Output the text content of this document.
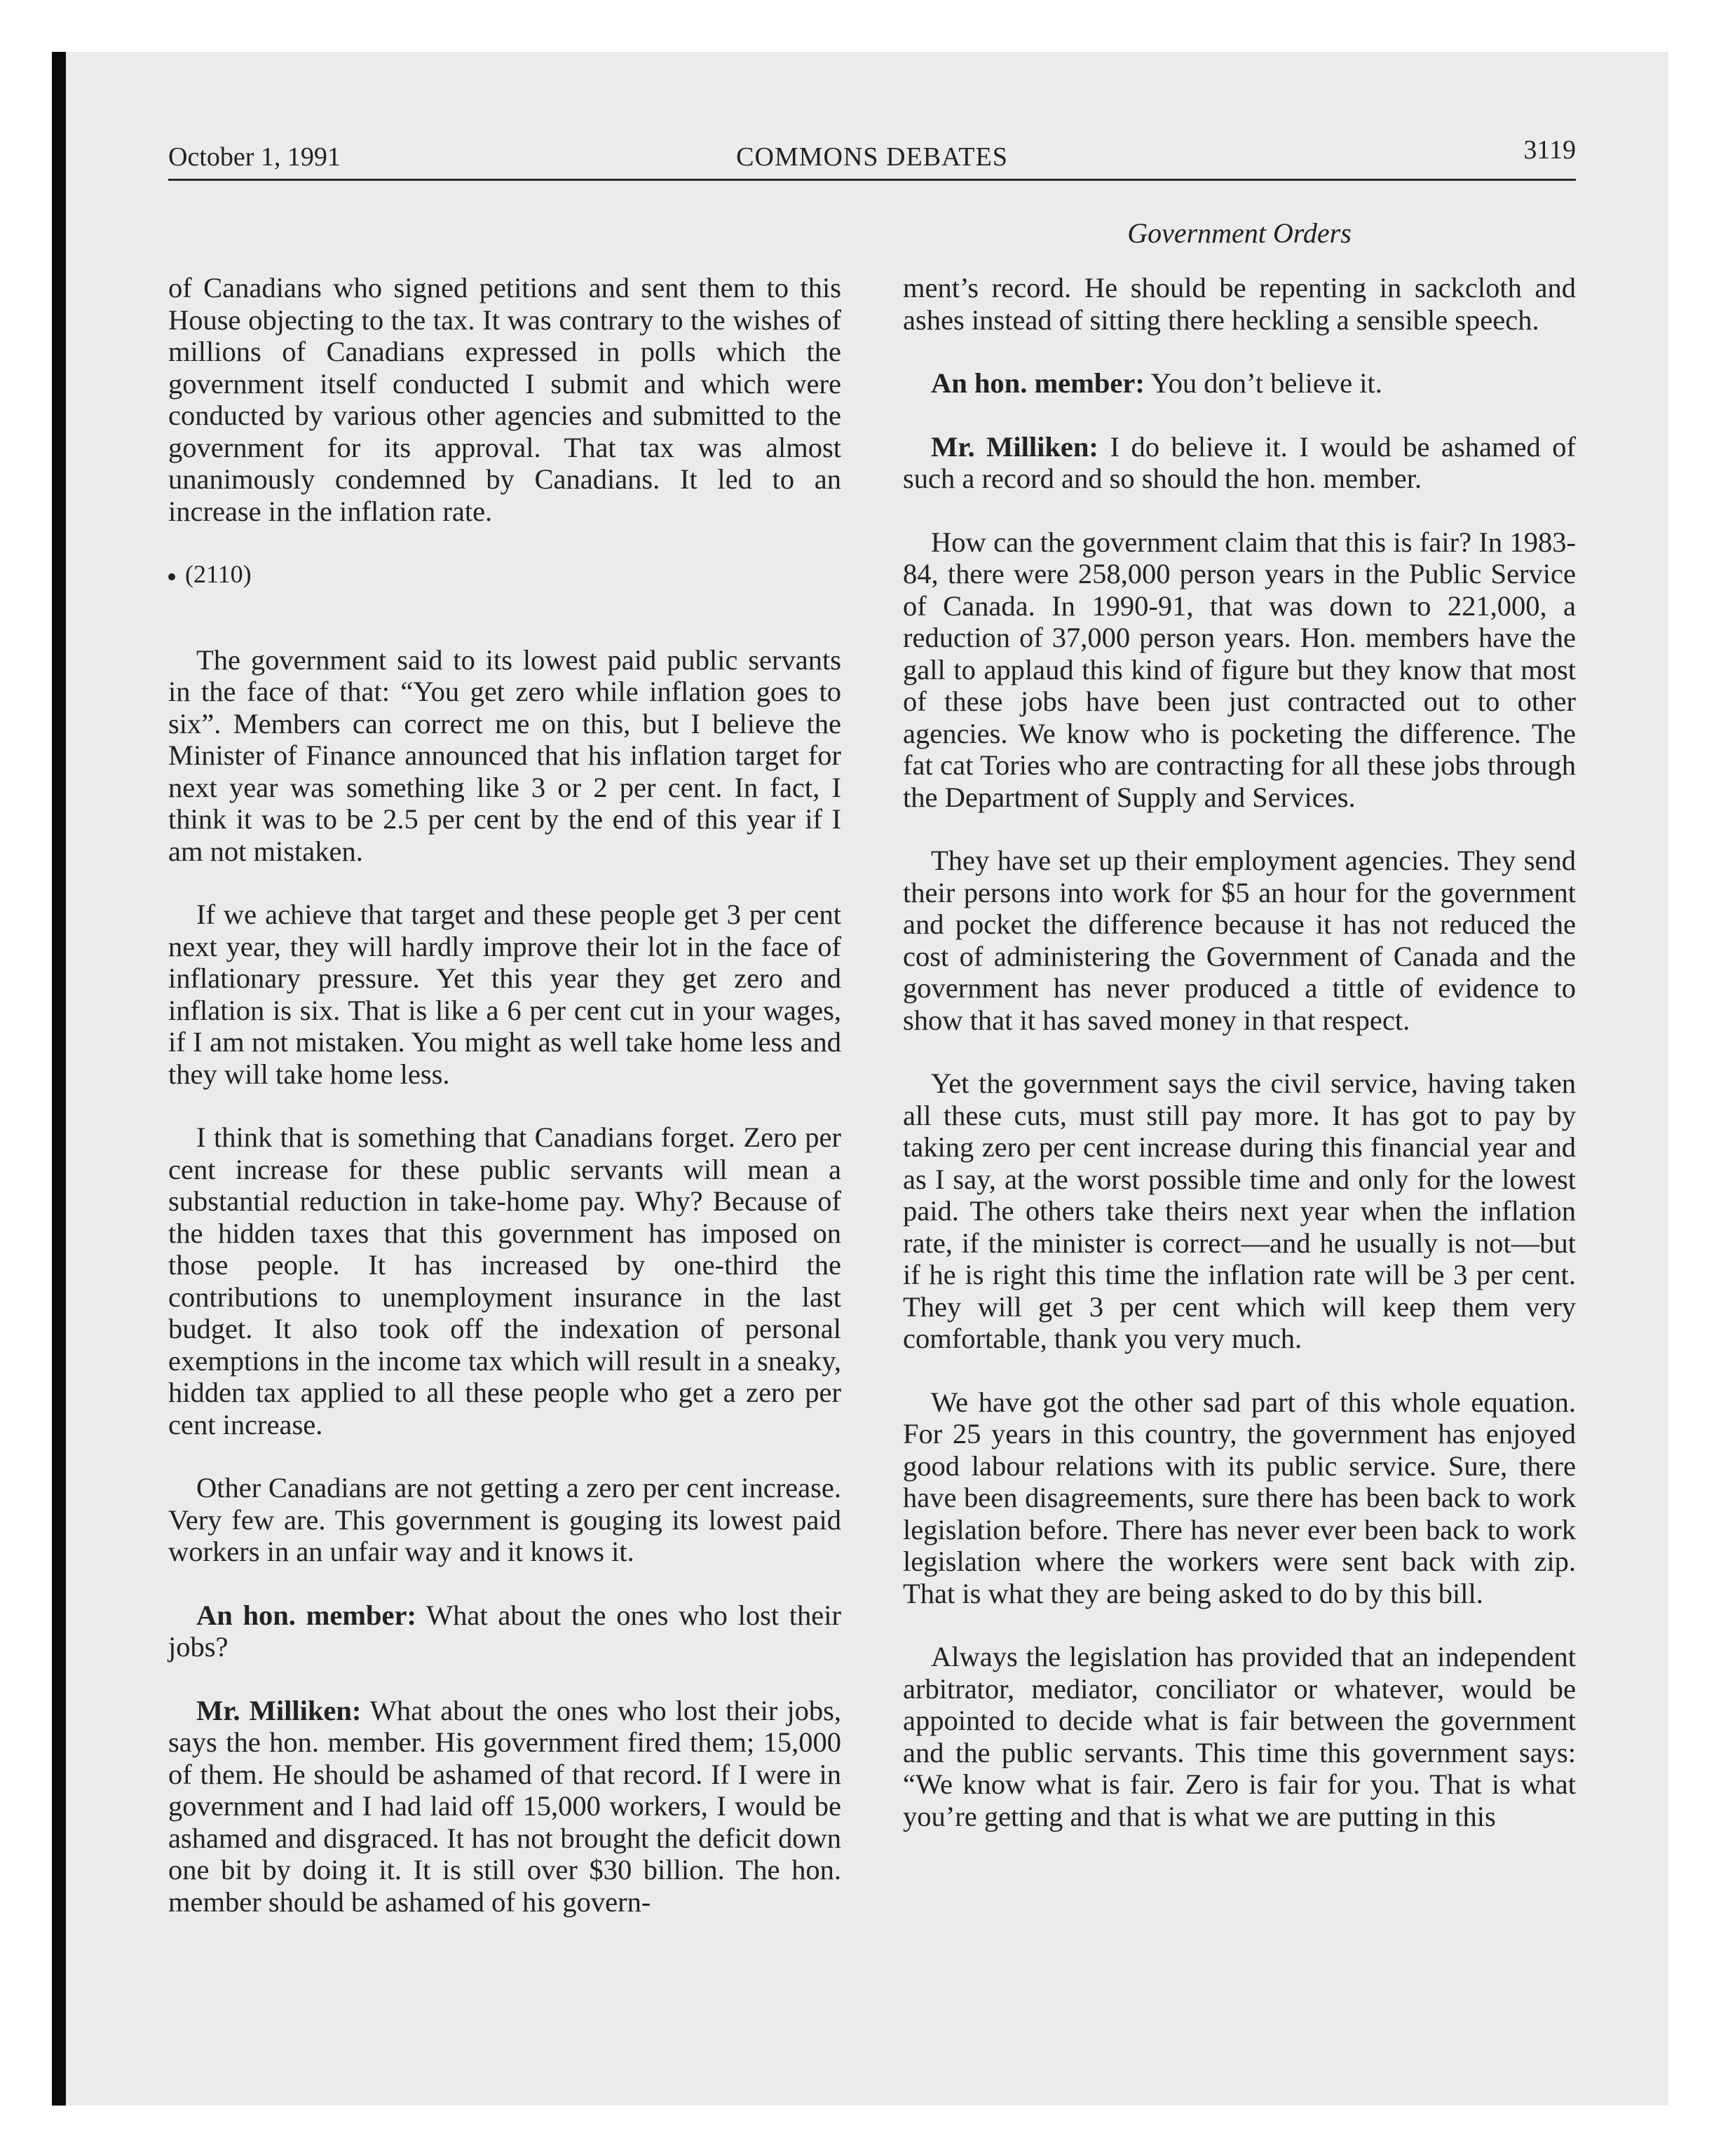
October 1, 1991	COMMONS DEBATES	3119
Government Orders

of Canadians who signed petitions and sent them to this House objecting to the tax. It was contrary to the wishes of millions of Canadians expressed in polls which the government itself conducted I submit and which were conducted by various other agencies and submitted to the government for its approval. That tax was almost unanimously condemned by Canadians. It led to an increase in the inflation rate.

(2110)

The government said to its lowest paid public servants in the face of that: “You get zero while inflation goes to six”. Members can correct me on this, but I believe the Minister of Finance announced that his inflation target for next year was something like 3 or 2 per cent. In fact, I think it was to be 2.5 per cent by the end of this year if I am not mistaken.

If we achieve that target and these people get 3 per cent next year, they will hardly improve their lot in the face of inflationary pressure. Yet this year they get zero and inflation is six. That is like a 6 per cent cut in your wages, if I am not mistaken. You might as well take home less and they will take home less.

I think that is something that Canadians forget. Zero per cent increase for these public servants will mean a substantial reduction in take-home pay. Why? Because of the hidden taxes that this government has imposed on those people. It has increased by one-third the contributions to unemployment insurance in the last budget. It also took off the indexation of personal exemptions in the income tax which will result in a sneaky, hidden tax applied to all these people who get a zero per cent increase.

Other Canadians are not getting a zero per cent increase. Very few are. This government is gouging its lowest paid workers in an unfair way and it knows it.

An hon. member: What about the ones who lost their jobs?

Mr. Milliken: What about the ones who lost their jobs, says the hon. member. His government fired them; 15,000 of them. He should be ashamed of that record. If I were in government and I had laid off 15,000 workers, I would be ashamed and disgraced. It has not brought the deficit down one bit by doing it. It is still over $30 billion. The hon. member should be ashamed of his govern-

ment’s record. He should be repenting in sackcloth and ashes instead of sitting there heckling a sensible speech.

An hon. member: You don’t believe it.

Mr. Milliken: I do believe it. I would be ashamed of such a record and so should the hon. member.

How can the government claim that this is fair? In 1983-84, there were 258,000 person years in the Public Service of Canada. In 1990-91, that was down to 221,000, a reduction of 37,000 person years. Hon. members have the gall to applaud this kind of figure but they know that most of these jobs have been just contracted out to other agencies. We know who is pocketing the difference. The fat cat Tories who are contracting for all these jobs through the Department of Supply and Services.

They have set up their employment agencies. They send their persons into work for $5 an hour for the government and pocket the difference because it has not reduced the cost of administering the Government of Canada and the government has never produced a tittle of evidence to show that it has saved money in that respect.

Yet the government says the civil service, having taken all these cuts, must still pay more. It has got to pay by taking zero per cent increase during this financial year and as I say, at the worst possible time and only for the lowest paid. The others take theirs next year when the inflation rate, if the minister is correct—and he usually is not—but if he is right this time the inflation rate will be 3 per cent. They will get 3 per cent which will keep them very comfortable, thank you very much.

We have got the other sad part of this whole equation. For 25 years in this country, the government has enjoyed good labour relations with its public service. Sure, there have been disagreements, sure there has been back to work legislation before. There has never ever been back to work legislation where the workers were sent back with zip. That is what they are being asked to do by this bill.

Always the legislation has provided that an independent arbitrator, mediator, conciliator or whatever, would be appointed to decide what is fair between the government and the public servants. This time this government says: “We know what is fair. Zero is fair for you. That is what you’re getting and that is what we are putting in this
